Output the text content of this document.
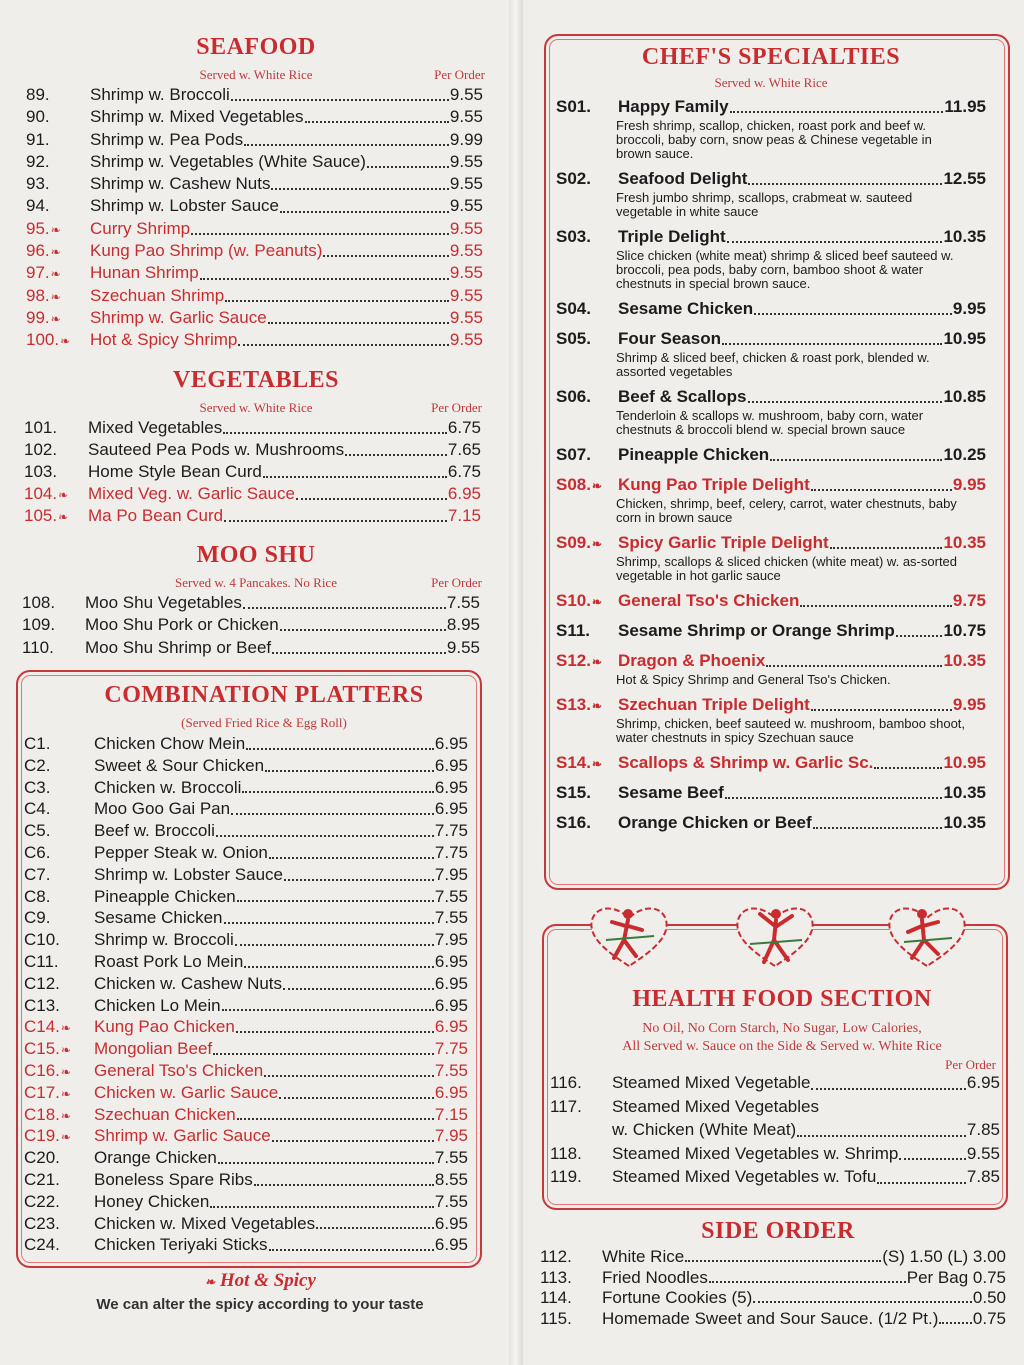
SEAFOOD
Served w. White Rice	Per Order
89. Shrimp w. Broccoli	9.55
90. Shrimp w. Mixed Vegetables	9.55
91. Shrimp w. Pea Pods	9.99
92. Shrimp w. Vegetables (White Sauce)	9.55
93. Shrimp w. Cashew Nuts	9.55
94. Shrimp w. Lobster Sauce	9.55
95. ❧ Curry Shrimp	9.55
96. ❧ Kung Pao Shrimp (w. Peanuts)	9.55
97. ❧ Hunan Shrimp	9.55
98. ❧ Szechuan Shrimp	9.55
99. ❧ Shrimp w. Garlic Sauce	9.55
100. ❧ Hot & Spicy Shrimp	9.55
VEGETABLES
Served w. White Rice	Per Order
101. Mixed Vegetables	6.75
102. Sauteed Pea Pods w. Mushrooms	7.65
103. Home Style Bean Curd	6.75
104. ❧ Mixed Veg. w. Garlic Sauce	6.95
105. ❧ Ma Po Bean Curd	7.15
MOO SHU
Served w. 4 Pancakes. No Rice	Per Order
108. Moo Shu Vegetables	7.55
109. Moo Shu Pork or Chicken	8.95
110. Moo Shu Shrimp or Beef	9.55
COMBINATION PLATTERS
(Served Fried Rice & Egg Roll)
C1.	Chicken Chow Mein	6.95
C2.	Sweet & Sour Chicken	6.95
C3.	Chicken w. Broccoli	6.95
C4.	Moo Goo Gai Pan	6.95
C5.	Beef w. Broccoli	7.75
C6.	Pepper Steak w. Onion	7.75
C7.	Shrimp w. Lobster Sauce	7.95
C8.	Pineapple Chicken	7.55
C9.	Sesame Chicken	7.55
C10. Shrimp w. Broccoli	7.95
C11. Roast Pork Lo Mein	6.95
C12. Chicken w. Cashew Nuts	6.95
C13. Chicken Lo Mein	6.95
C14. ❧ Kung Pao Chicken	6.95
C15. ❧ Mongolian Beef	7.75
C16. ❧ General Tso's Chicken	7.55
C17. ❧ Chicken w. Garlic Sauce	6.95
C18. ❧ Szechuan Chicken	7.15
C19. ❧ Shrimp w. Garlic Sauce	7.95
C20. Orange Chicken	7.55
C21. Boneless Spare Ribs	8.55
C22. Honey Chicken	7.55
C23. Chicken w. Mixed Vegetables	6.95
C24. Chicken Teriyaki Sticks	6.95
❧ Hot & Spicy
We can alter the spicy according to your taste
CHEF'S SPECIALTIES
Served w. White Rice
S01. Happy Family	11.95
Fresh shrimp, scallop, chicken, roast pork and beef w. broccoli, baby corn, snow peas & Chinese vegetable in brown sauce.
S02. Seafood Delight	12.55
Fresh jumbo shrimp, scallops, crabmeat w. sauteed vegetable in white sauce
S03. Triple Delight	10.35
Slice chicken (white meat) shrimp & sliced beef sauteed w. broccoli, pea pods, baby corn, bamboo shoot & water chestnuts in special brown sauce.
S04. Sesame Chicken	9.95
S05. Four Season	10.95
Shrimp & sliced beef, chicken & roast pork, blended w. assorted vegetables
S06. Beef & Scallops	10.85
Tenderloin & scallops w. mushroom, baby corn, water chestnuts & broccoli blend w. special brown sauce
S07. Pineapple Chicken	10.25
S08. ❧ Kung Pao Triple Delight	9.95
Chicken, shrimp, beef, celery, carrot, water chestnuts, baby corn in brown sauce
S09. ❧ Spicy Garlic Triple Delight	10.35
Shrimp, scallops & sliced chicken (white meat) w. as-sorted vegetable in hot garlic sauce
S10. ❧ General Tso's Chicken	9.75
S11. Sesame Shrimp or Orange Shrimp	10.75
S12. ❧ Dragon & Phoenix	10.35
Hot & Spicy Shrimp and General Tso's Chicken.
S13. ❧ Szechuan Triple Delight	9.95
Shrimp, chicken, beef sauteed w. mushroom, bamboo shoot, water chestnuts in spicy Szechuan sauce
S14. ❧ Scallops & Shrimp w. Garlic Sc.	10.95
S15. Sesame Beef	10.35
S16. Orange Chicken or Beef	10.35
HEALTH FOOD SECTION
No Oil, No Corn Starch, No Sugar, Low Calories,
All Served w. Sauce on the Side & Served w. White Rice
Per Order
116. Steamed Mixed Vegetable	6.95
117.	Steamed Mixed Vegetables
w. Chicken (White Meat)	7.85
118. Steamed Mixed Vegetables w. Shrimp	9.55
119. Steamed Mixed Vegetables w. Tofu	7.85
SIDE ORDER
112. White Rice	(S) 1.50 (L) 3.00
113. Fried Noodles	Per Bag 0.75
114. Fortune Cookies (5)	0.50
115. Homemade Sweet and Sour Sauce. (1/2 Pt.) 0.75
